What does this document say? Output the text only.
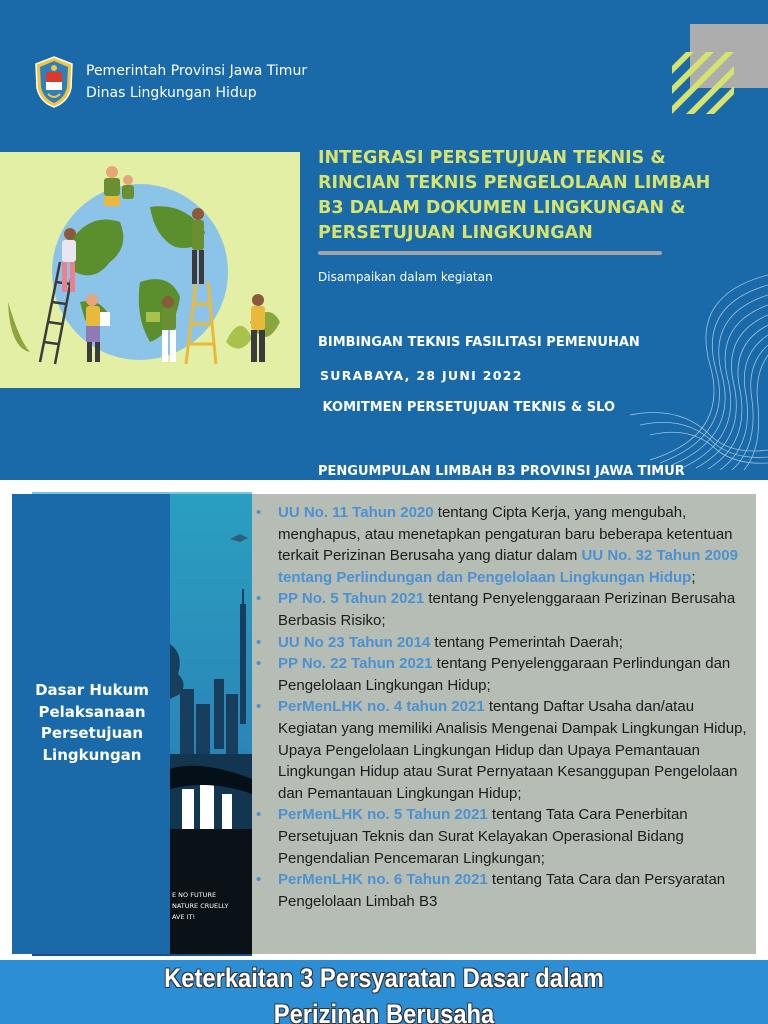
Pemerintah Provinsi Jawa Timur
Dinas Lingkungan Hidup
INTEGRASI PERSETUJUAN TEKNIS &
RINCIAN TEKNIS PENGELOLAAN LIMBAH
B3 DALAM DOKUMEN LINGKUNGAN &
PERSETUJUAN LINGKUNGAN
Disampaikan dalam kegiatan

BIMBINGAN TEKNIS FASILITASI PEMENUHAN

KOMITMEN PERSETUJUAN TEKNIS & SLO

PENGUMPULAN LIMBAH B3 PROVINSI JAWA TIMUR

SURABAYA, 28 JUNI 2022
Dasar Hukum
Pelaksanaan
Persetujuan
Lingkungan
E NO FUTURE
NATURE CRUELLY
AVE IT!
• UU No. 11 Tahun 2020 tentang Cipta Kerja, yang mengubah, menghapus, atau menetapkan pengaturan baru beberapa ketentuan terkait Perizinan Berusaha yang diatur dalam UU No. 32 Tahun 2009 tentang Perlindungan dan Pengelolaan Lingkungan Hidup;
• PP No. 5 Tahun 2021 tentang Penyelenggaraan Perizinan Berusaha Berbasis Risiko;
• UU No 23 Tahun 2014 tentang Pemerintah Daerah;
• PP No. 22 Tahun 2021 tentang Penyelenggaraan Perlindungan dan Pengelolaan Lingkungan Hidup;
• PerMenLHK no. 4 tahun 2021 tentang Daftar Usaha dan/atau Kegiatan yang memiliki Analisis Mengenai Dampak Lingkungan Hidup, Upaya Pengelolaan Lingkungan Hidup dan Upaya Pemantauan Lingkungan Hidup atau Surat Pernyataan Kesanggupan Pengelolaan dan Pemantauan Lingkungan Hidup;
• PerMenLHK no. 5 Tahun 2021 tentang Tata Cara Penerbitan Persetujuan Teknis dan Surat Kelayakan Operasional Bidang Pengendalian Pencemaran Lingkungan;
• PerMenLHK no. 6 Tahun 2021 tentang Tata Cara dan Persyaratan Pengelolaan Limbah B3
Keterkaitan 3 Persyaratan Dasar dalam
Perizinan Berusaha
